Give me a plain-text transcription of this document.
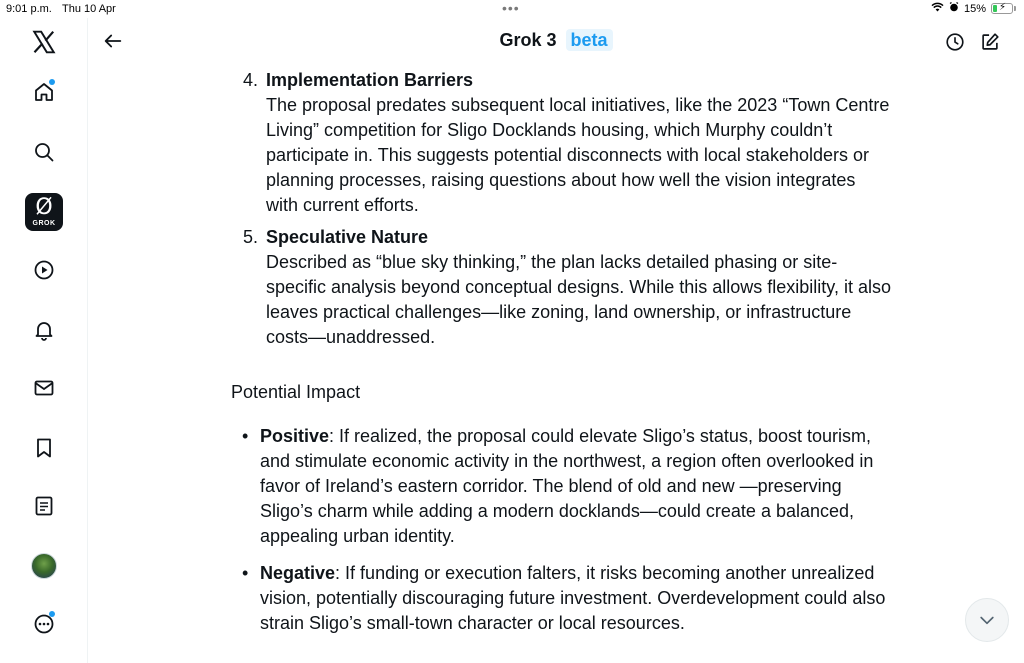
9:01 p.m. Thu 10 Apr	•••	15% ⚡
Ø
GROK
Grok 3 beta
4. Implementation Barriers
The proposal predates subsequent local initiatives, like the 2023 “Town Centre Living” competition for Sligo Docklands housing, which Murphy couldn’t participate in. This suggests potential disconnects with local stakeholders or planning processes, raising questions about how well the vision integrates with current efforts.
5. Speculative Nature
Described as “blue sky thinking,” the plan lacks detailed phasing or site-specific analysis beyond conceptual designs. While this allows flexibility, it also leaves practical challenges—like zoning, land ownership, or infrastructure costs—unaddressed.
Potential Impact
• Positive: If realized, the proposal could elevate Sligo’s status, boost tourism, and stimulate economic activity in the northwest, a region often overlooked in favor of Ireland’s eastern corridor. The blend of old and new —preserving Sligo’s charm while adding a modern docklands—could create a balanced, appealing urban identity.
• Negative: If funding or execution falters, it risks becoming another unrealized vision, potentially discouraging future investment. Overdevelopment could also strain Sligo’s small-town character or local resources.
